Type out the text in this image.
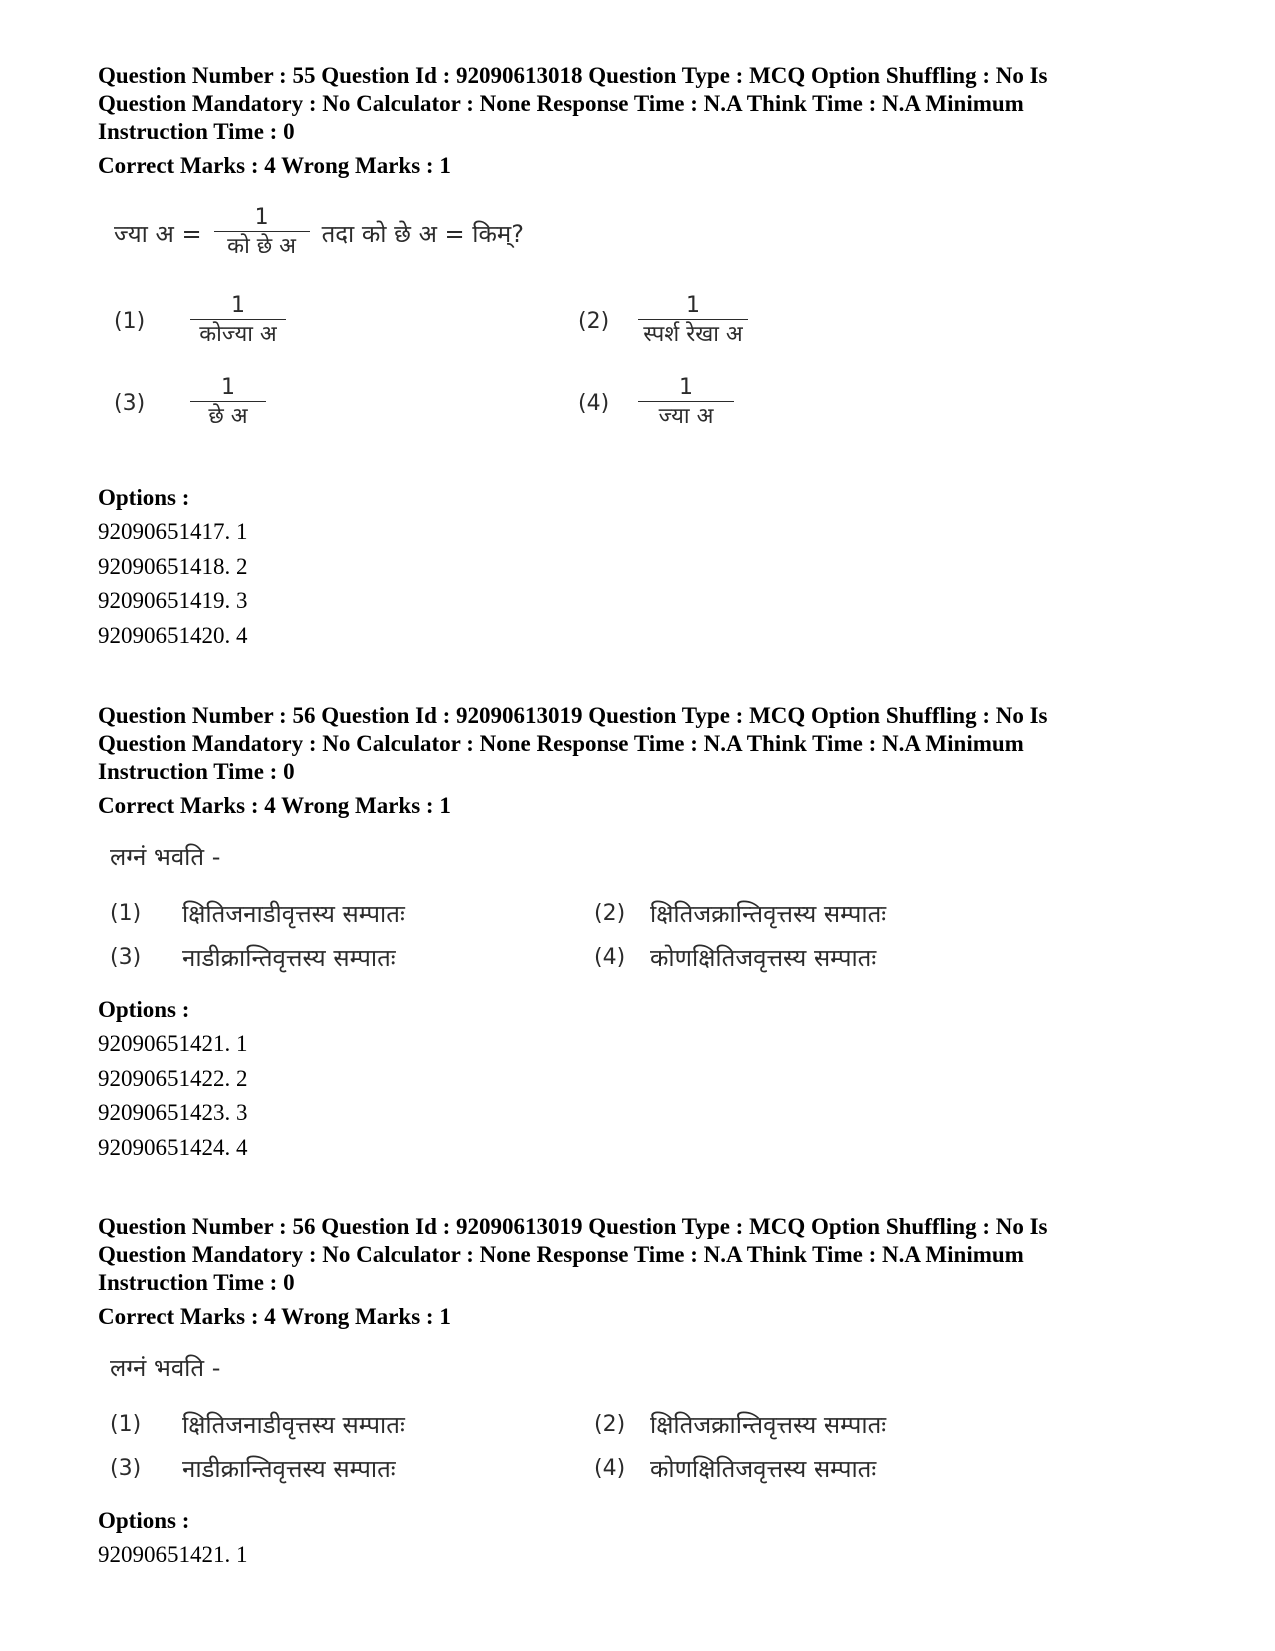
Question Number : 55 Question Id : 92090613018 Question Type : MCQ Option Shuffling : No Is
Question Mandatory : No Calculator : None Response Time : N.A Think Time : N.A Minimum
Instruction Time : 0
Correct Marks : 4 Wrong Marks : 1
ज्या अ = $\frac{1}{\text{को छे अ}}$ तदा को छे अ = किम्?
(1)	$\frac{1}{\text{कोज्या अ}}$	(2)	$\frac{1}{\text{स्पर्श रेखा अ}}$
(3)	$\frac{1}{\text{छे अ}}$	(4)	$\frac{1}{\text{ज्या अ}}$
Options :
92090651417. 1
92090651418. 2
92090651419. 3
92090651420. 4
Question Number : 56 Question Id : 92090613019 Question Type : MCQ Option Shuffling : No Is
Question Mandatory : No Calculator : None Response Time : N.A Think Time : N.A Minimum
Instruction Time : 0
Correct Marks : 4 Wrong Marks : 1
लग्नं भवति -
(1)	क्षितिजनाडीवृत्तस्य सम्पातः	(2)	क्षितिजक्रान्तिवृत्तस्य सम्पातः
(3)	नाडीक्रान्तिवृत्तस्य सम्पातः	(4)	कोणक्षितिजवृत्तस्य सम्पातः
Options :
92090651421. 1
92090651422. 2
92090651423. 3
92090651424. 4
Question Number : 56 Question Id : 92090613019 Question Type : MCQ Option Shuffling : No Is
Question Mandatory : No Calculator : None Response Time : N.A Think Time : N.A Minimum
Instruction Time : 0
Correct Marks : 4 Wrong Marks : 1
लग्नं भवति -
(1)	क्षितिजनाडीवृत्तस्य सम्पातः	(2)	क्षितिजक्रान्तिवृत्तस्य सम्पातः
(3)	नाडीक्रान्तिवृत्तस्य सम्पातः	(4)	कोणक्षितिजवृत्तस्य सम्पातः
Options :
92090651421. 1
